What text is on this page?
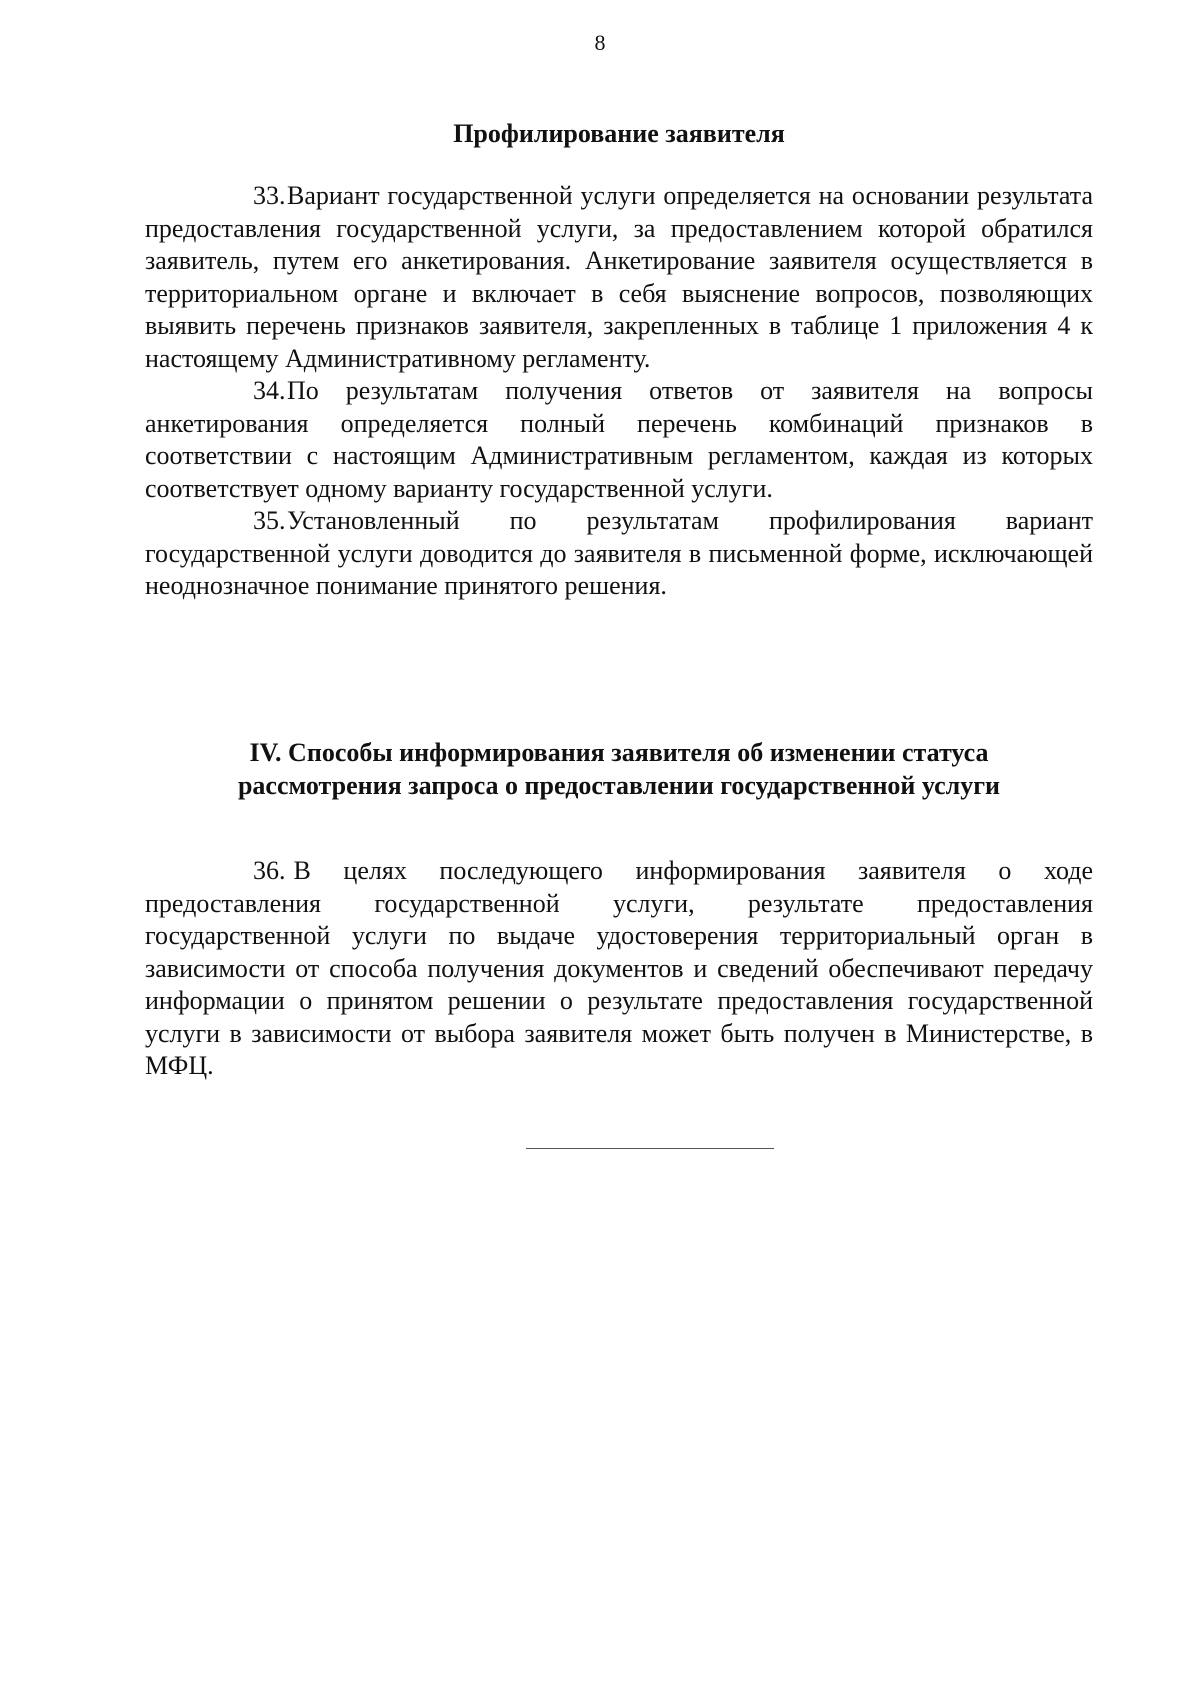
8
Профилирование заявителя

33.Вариант государственной услуги определяется на основании результата предоставления государственной услуги, за предоставлением которой обратился заявитель, путем его анкетирования. Анкетирование заявителя осуществляется в территориальном органе и включает в себя выяснение вопросов, позволяющих выявить перечень признаков заявителя, закрепленных в таблице 1 приложения 4 к настоящему Административному регламенту.

34.По результатам получения ответов от заявителя на вопросы анкетирования определяется полный перечень комбинаций признаков в соответствии с настоящим Административным регламентом, каждая из которых соответствует одному варианту государственной услуги.

35.Установленный по результатам профилирования вариант государственной услуги доводится до заявителя в письменной форме, исключающей неоднозначное понимание принятого решения.

IV. Способы информирования заявителя об изменении статуса
рассмотрения запроса о предоставлении государственной услуги

36. В целях последующего информирования заявителя о ходе предоставления государственной услуги, результате предоставления государственной услуги по выдаче удостоверения территориальный орган в зависимости от способа получения документов и сведений обеспечивают передачу информации о принятом решении о результате предоставления государственной услуги в зависимости от выбора заявителя может быть получен в Министерстве, в МФЦ.
